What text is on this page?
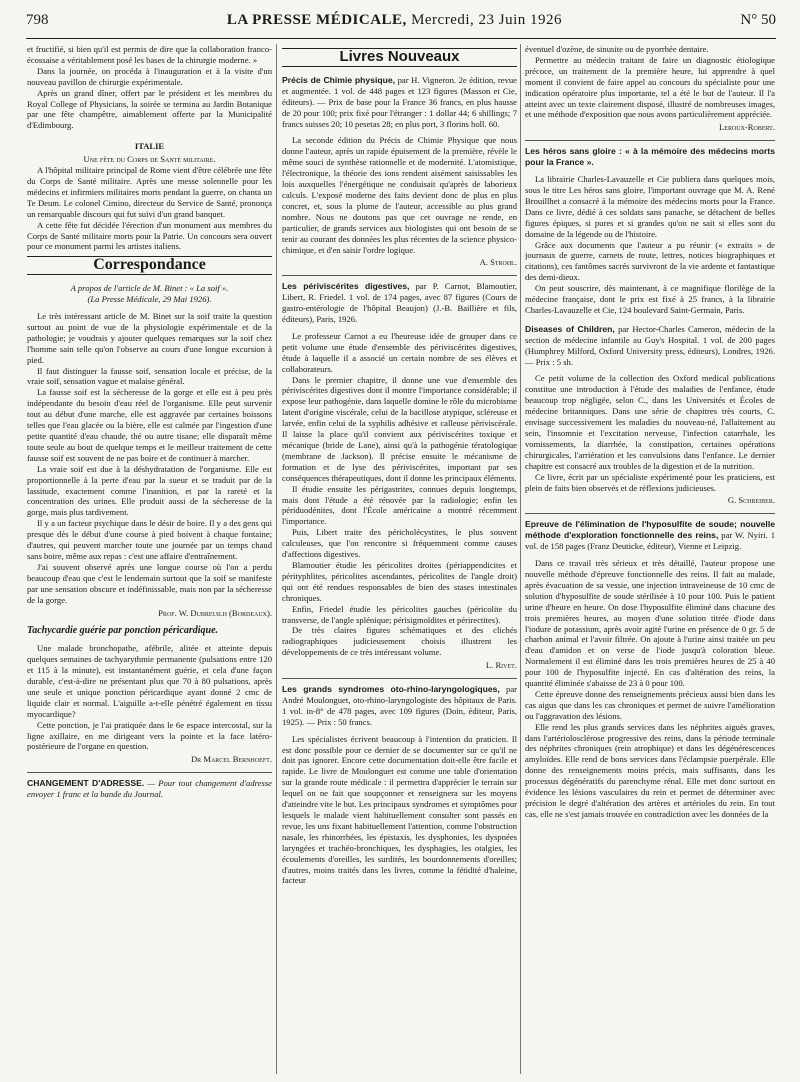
798	LA PRESSE MÉDICALE, Mercredi, 23 Juin 1926	N° 50

et fructifié, si bien qu'il est permis de dire que la collaboration franco-écossaise a véritablement posé les bases de la chirurgie moderne. »

Dans la journée, on procéda à l'inauguration et à la visite d'un nouveau pavillon de chirurgie expérimentale.

Après un grand dîner, offert par le président et les membres du Royal College of Physicians, la soirée se termina au Jardin Botanique par une fête champêtre, aimablement offerte par la Municipalité d'Edimbourg.

ITALIE

Une fête du Corps de Santé militaire.

A l'hôpital militaire principal de Rome vient d'être célébrée une fête du Corps de Santé militaire. Après une messe solennelle pour les médecins et infirmiers militaires morts pendant la guerre, on chanta un Te Deum. Le colonel Cimino, directeur du Service de Santé, prononça un remarquable discours qui fut suivi d'un grand banquet.

A cette fête fut décidée l'érection d'un monument aux membres du Corps de Santé militaire morts pour la Patrie. Un concours sera ouvert pour ce monument parmi les artistes italiens.

Correspondance

A propos de l'article de M. Binet : « La soif ».

(La Presse Médicale, 29 Mai 1926).

Le très intéressant article de M. Binet sur la soif traite la question surtout au point de vue de la physiologie expérimentale et de la pathologie; je voudrais y ajouter quelques remarques sur la soif chez l'homme sain telle qu'on l'observe au cours d'une longue excursion à pied.

Il faut distinguer la fausse soif, sensation locale et précise, de la vraie soif, sensation vague et malaise général.

La fausse soif est la sécheresse de la gorge et elle est à peu près indépendante du besoin d'eau réel de l'organisme. Elle peut survenir tout au début d'une marche, elle est aggravée par certaines boissons telles que l'eau glacée ou la bière, elle est calmée par l'ingestion d'une petite quantité d'eau chaude, thé ou autre tisane; elle disparaît même toute seule au bout de quelque temps et le meilleur traitement de cette fausse soif est souvent de ne pas boire et de continuer à marcher.

La vraie soif est due à la déshydratation de l'organisme. Elle est proportionnelle à la perte d'eau par la sueur et se traduit par de la lassitude, exactement comme l'inanition, et par la rareté et la concentration des urines. Elle produit aussi de la sécheresse de la gorge, mais plus tardivement.

Il y a un facteur psychique dans le désir de boire. Il y a des gens qui presque dès le début d'une course à pied boivent à chaque fontaine; d'autres, qui peuvent marcher toute une journée par un temps chaud sans boire, même aux repas : c'est une affaire d'entraînement.

J'ai souvent observé après une longue course où l'on a perdu beaucoup d'eau que c'est le lendemain surtout que la soif se manifeste par une sensation obscure et indéfinissable, mais non par la sécheresse de la gorge.

Prof. W. Dubreuilh (Bordeaux).

Tachycardie guérie par ponction péricardique.

Une malade bronchopathe, afébrile, alitée et atteinte depuis quelques semaines de tachyarythmie permanente (pulsations entre 120 et 115 à la minute), est instantanément guérie, et cela d'une façon durable, c'est-à-dire ne présentant plus que 70 à 80 pulsations, après une seule et unique ponction péricardique ayant donné 2 cmc de liquide clair et normal. L'aiguille a-t-elle pénétré également en tissu myocardique?

Cette ponction, je l'ai pratiquée dans le 6e espace intercostal, sur la ligne axillaire, en me dirigeant vers la pointe et la face latéro-postérieure de l'organe en question.

Dr Marcel Bernhoeft.

CHANGEMENT D'ADRESSE. — Pour tout changement d'adresse envoyer 1 franc et la bande du Journal.

Livres Nouveaux

Précis de Chimie physique, par H. Vigneron. 2e édition, revue et augmentée. 1 vol. de 448 pages et 123 figures (Masson et Cie, éditeurs). — Prix de base pour la France 36 francs, en plus hausse de 20 pour 100; prix fixé pour l'étranger : 1 dollar 44; 6 shillings; 7 francs suisses 20; 10 pesetas 28; en plus port, 3 florins holl. 60.

La seconde édition du Précis de Chimie Physique que nous donne l'auteur, après un rapide épuisement de la première, révèle le même souci de synthèse rationnelle et de modernité. L'atomistique, l'électronique, la théorie des ions rendent aisément saisissables les lois auxquelles l'énergétique ne conduisait qu'après de laborieux calculs. L'exposé moderne des faits devient donc de plus en plus concret, et, sous la plume de l'auteur, accessible au plus grand nombre. Nous ne doutons pas que cet ouvrage ne rende, en particulier, de grands services aux biologistes qui ont besoin de se tenir au courant des données les plus récentes de la science physico-chimique, et d'en saisir l'ordre logique.

A. Strohl.

Les périviscérites digestives, par P. Carnot, Blamoutier, Libert, R. Friedel. 1 vol. de 174 pages, avec 87 figures (Cours de gastro-entérologie de l'hôpital Beaujon) (J.-B. Baillière et fils, éditeurs), Paris, 1926.

Le professeur Carnot a eu l'heureuse idée de grouper dans ce petit volume une étude d'ensemble des périviscérites digestives, étude à laquelle il a associé un certain nombre de ses élèves et collaborateurs.

Dans le premier chapitre, il donne une vue d'ensemble des périviscérites digestives dont il montre l'importance considérable; il expose leur pathogénie, dans laquelle domine le rôle du microbisme latent d'origine viscérale, celui de la bacillose atypique, scléreuse et larvée, enfin celui de la syphilis adhésive et calleuse périviscérale. Il laisse la place qu'il convient aux périviscérites toxique et mécanique (bride de Lane), ainsi qu'à la pathogénie tératologique (membrane de Jackson). Il précise ensuite le mécanisme de formation et de lyse des périviscérites, important par ses conséquences thérapeutiques, dont il donne les principaux éléments.

Il étudie ensuite les périgastrites, connues depuis longtemps, mais dont l'étude a été rénovée par la radiologie; enfin les périduodénites, dont l'École américaine a montré récemment l'importance.

Puis, Libert traite des péricholécystites, le plus souvent calculeuses, que l'on rencontre si fréquemment comme causes d'affections digestives.

Blamoutier étudie les péricolites droites (périappendicites et pérityphlites, péricolites ascendantes, péricolites de l'angle droit) qui ont été rendues responsables de bien des stases intestinales chroniques.

Enfin, Friedel étudie les péricolites gauches (péricolite du transverse, de l'angle splénique; périsigmoïdites et périrectites).

De très claires figures schématiques et des clichés radiographiques judicieusement choisis illustrent les développements de ce très intéressant volume.

L. Rivet.

Les grands syndromes oto-rhino-laryngologiques, par André Moulonguet, oto-rhino-laryngologiste des hôpitaux de Paris. 1 vol. in-8° de 478 pages, avec 109 figures (Doin, éditeur, Paris, 1925). — Prix : 50 francs.

Les spécialistes écrivent beaucoup à l'intention du praticien. Il est donc possible pour ce dernier de se documenter sur ce qu'il ne doit pas ignorer. Encore cette documentation doit-elle être facile et rapide. Le livre de Moulonguet est comme une table d'orientation sur la grande route médicale : il permettra d'apprécier le terrain sur lequel on ne fait que soupçonner et renseignera sur les moyens d'atteindre vite le but. Les principaux syndromes et symptômes pour lesquels le malade vient habituellement consulter sont passés en revue, les uns fixant habituellement l'attention, comme l'obstruction nasale, les rhinorrhées, les épistaxis, les dysphonies, les dyspnées laryngées et trachéo-bronchiques, les dysphagies, les otalgies, les écoulements d'oreilles, les surdités, les bourdonnements d'oreilles; d'autres, moins traités dans les livres, comme la fétidité d'haleine, facteur

éventuel d'ozène, de sinusite ou de pyorrhée dentaire.

Permettre au médecin traitant de faire un diagnostic étiologique précoce, un traitement de la première heure, lui apprendre à quel moment il convient de faire appel au concours du spécialiste pour une indication opératoire plus importante, tel a été le but de l'auteur. Il l'a atteint avec un texte clairement disposé, illustré de nombreuses images, et une méthode d'exposition que nous avons particulièrement appréciée.

Leroux-Robert.

Les héros sans gloire : « à la mémoire des médecins morts pour la France ».

La librairie Charles-Lavauzelle et Cie publiera dans quelques mois, sous le titre Les héros sans gloire, l'important ouvrage que M. A. René Brouillhet a consacré à la mémoire des médecins morts pour la France. Dans ce livre, dédié à ces soldats sans panache, se détachent de belles figures épiques, si pures et si grandes qu'on ne sait si elles sont du domaine de la légende ou de l'histoire.

Grâce aux documents que l'auteur a pu réunir (« extraits » de journaux de guerre, carnets de route, lettres, notices biographiques et citations), ces fantômes sacrés survivront de la vie ardente et fantastique des demi-dieux.

On peut souscrire, dès maintenant, à ce magnifique florilège de la médecine française, dont le prix est fixé à 25 francs, à la librairie Charles-Lavauzelle et Cie, 124 boulevard Saint-Germain, Paris.

Diseases of Children, par Hector-Charles Cameron, médecin de la section de médecine infantile au Guy's Hospital. 1 vol. de 200 pages (Humphrey Milford, Oxford University press, éditeurs), Londres, 1926. — Prix : 5 sh.

Ce petit volume de la collection des Oxford medical publications constitue une introduction à l'étude des maladies de l'enfance, étude beaucoup trop négligée, selon C., dans les Universités et Écoles de médecine britanniques. Dans une série de chapitres très courts, C. envisage successivement les maladies du nouveau-né, l'allaitement au sein, l'insomnie et l'excitation nerveuse, l'infection catarrhale, les vomissements, la diarrhée, la constipation, certaines opérations chirurgicales, l'arriération et les convulsions dans l'enfance. Le dernier chapitre est consacré aux troubles de la digestion et de la nutrition.

Ce livre, écrit par un spécialiste expérimenté pour les praticiens, est plein de faits bien observés et de réflexions judicieuses.

G. Schreiber.

Epreuve de l'élimination de l'hyposulfite de soude; nouvelle méthode d'exploration fonctionnelle des reins, par W. Nyiri. 1 vol. de 158 pages (Franz Deuticke, éditeur), Vienne et Leipzig.

Dans ce travail très sérieux et très détaillé, l'auteur propose une nouvelle méthode d'épreuve fonctionnelle des reins. Il fait au malade, après évacuation de sa vessie, une injection intraveineuse de 10 cmc de solution d'hyposulfite de soude stérilisée à 10 pour 100. Puis le patient urine d'heure en heure. On dose l'hyposulfite éliminé dans chacune des trois premières heures, au moyen d'une solution titrée d'iode dans l'iodure de potassium, après avoir agité l'urine en présence de 0 gr. 5 de charbon animal et l'avoir filtrée. On ajoute à l'urine ainsi traitée un peu d'eau d'amidon et on verse de l'iode jusqu'à coloration bleue. Normalement il est éliminé dans les trois premières heures de 25 à 40 pour 100 de l'hyposulfite injecté. En cas d'altération des reins, la quantité éliminée s'abaisse de 23 à 0 pour 100.

Cette épreuve donne des renseignements précieux aussi bien dans les cas aigus que dans les cas chroniques et permet de suivre l'amélioration ou l'aggravation des lésions.

Elle rend les plus grands services dans les néphrites aiguës graves, dans l'artériolosclérose progressive des reins, dans la période terminale des néphrites chroniques (rein atrophique) et dans les dégénérescences amyloïdes. Elle rend de bons services dans l'éclampsie puerpérale. Elle donne des renseignements moins précis, mais suffisants, dans les processus dégénératifs du parenchyme rénal. Elle met donc surtout en évidence les lésions vasculaires du rein et permet de déterminer avec précision le degré d'altération des artères et artérioles du rein. En tout cas, elle ne s'est jamais trouvée en contradiction avec les données de la
